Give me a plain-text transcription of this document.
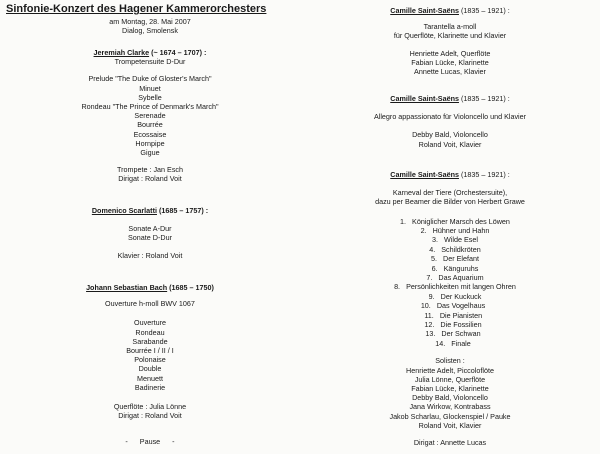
Sinfonie-Konzert des Hagener Kammerorchesters
am Montag, 28. Mai 2007
Dialog, Smolensk
Jeremiah Clarke (~ 1674 – 1707) :
Trompetensuite D-Dur
Prelude "The Duke of Gloster's March"
Minuet
Sybelle
Rondeau "The Prince of Denmark's March"
Serenade
Bourrée
Ecossaise
Hornpipe
Gigue
Trompete : Jan Esch
Dirigat : Roland Voit
Domenico Scarlatti (1685 – 1757) :
Sonate A-Dur
Sonate D-Dur
Klavier : Roland Voit
Johann Sebastian Bach (1685 – 1750)
Ouverture h-moll BWV 1067
Ouverture
Rondeau
Sarabande
Bourrée I / II / I
Polonaise
Double
Menuett
Badinerie
Querflöte : Julia Lönne
Dirigat : Roland Voit
-      Pause      -
Camille Saint-Saëns (1835 – 1921) :
Tarantella a-moll
für Querflöte, Klarinette und Klavier
Henriette Adelt, Querflöte
Fabian Lücke, Klarinette
Annette Lucas, Klavier
Camille Saint-Saëns (1835 – 1921) :
Allegro appassionato für Violoncello und Klavier
Debby Bald, Violoncello
Roland Voit, Klavier
Camille Saint-Saëns (1835 – 1921) :
Karneval der Tiere (Orchestersuite),
dazu per Beamer die Bilder von Herbert Grawe
1. Königlicher Marsch des Löwen
2. Hühner und Hahn
3. Wilde Esel
4. Schildkröten
5. Der Elefant
6. Känguruhs
7. Das Aquarium
8. Persönlichkeiten mit langen Ohren
9. Der Kuckuck
10. Das Vogelhaus
11. Die Pianisten
12. Die Fossilien
13. Der Schwan
14. Finale
Solisten :
Henriette Adelt, Piccoloflöte
Julia Lönne, Querflöte
Fabian Lücke, Klarinette
Debby Bald, Violoncello
Jana Wirkow, Kontrabass
Jakob Scharlau, Glockenspiel / Pauke
Roland Voit, Klavier
Dirigat : Annette Lucas
